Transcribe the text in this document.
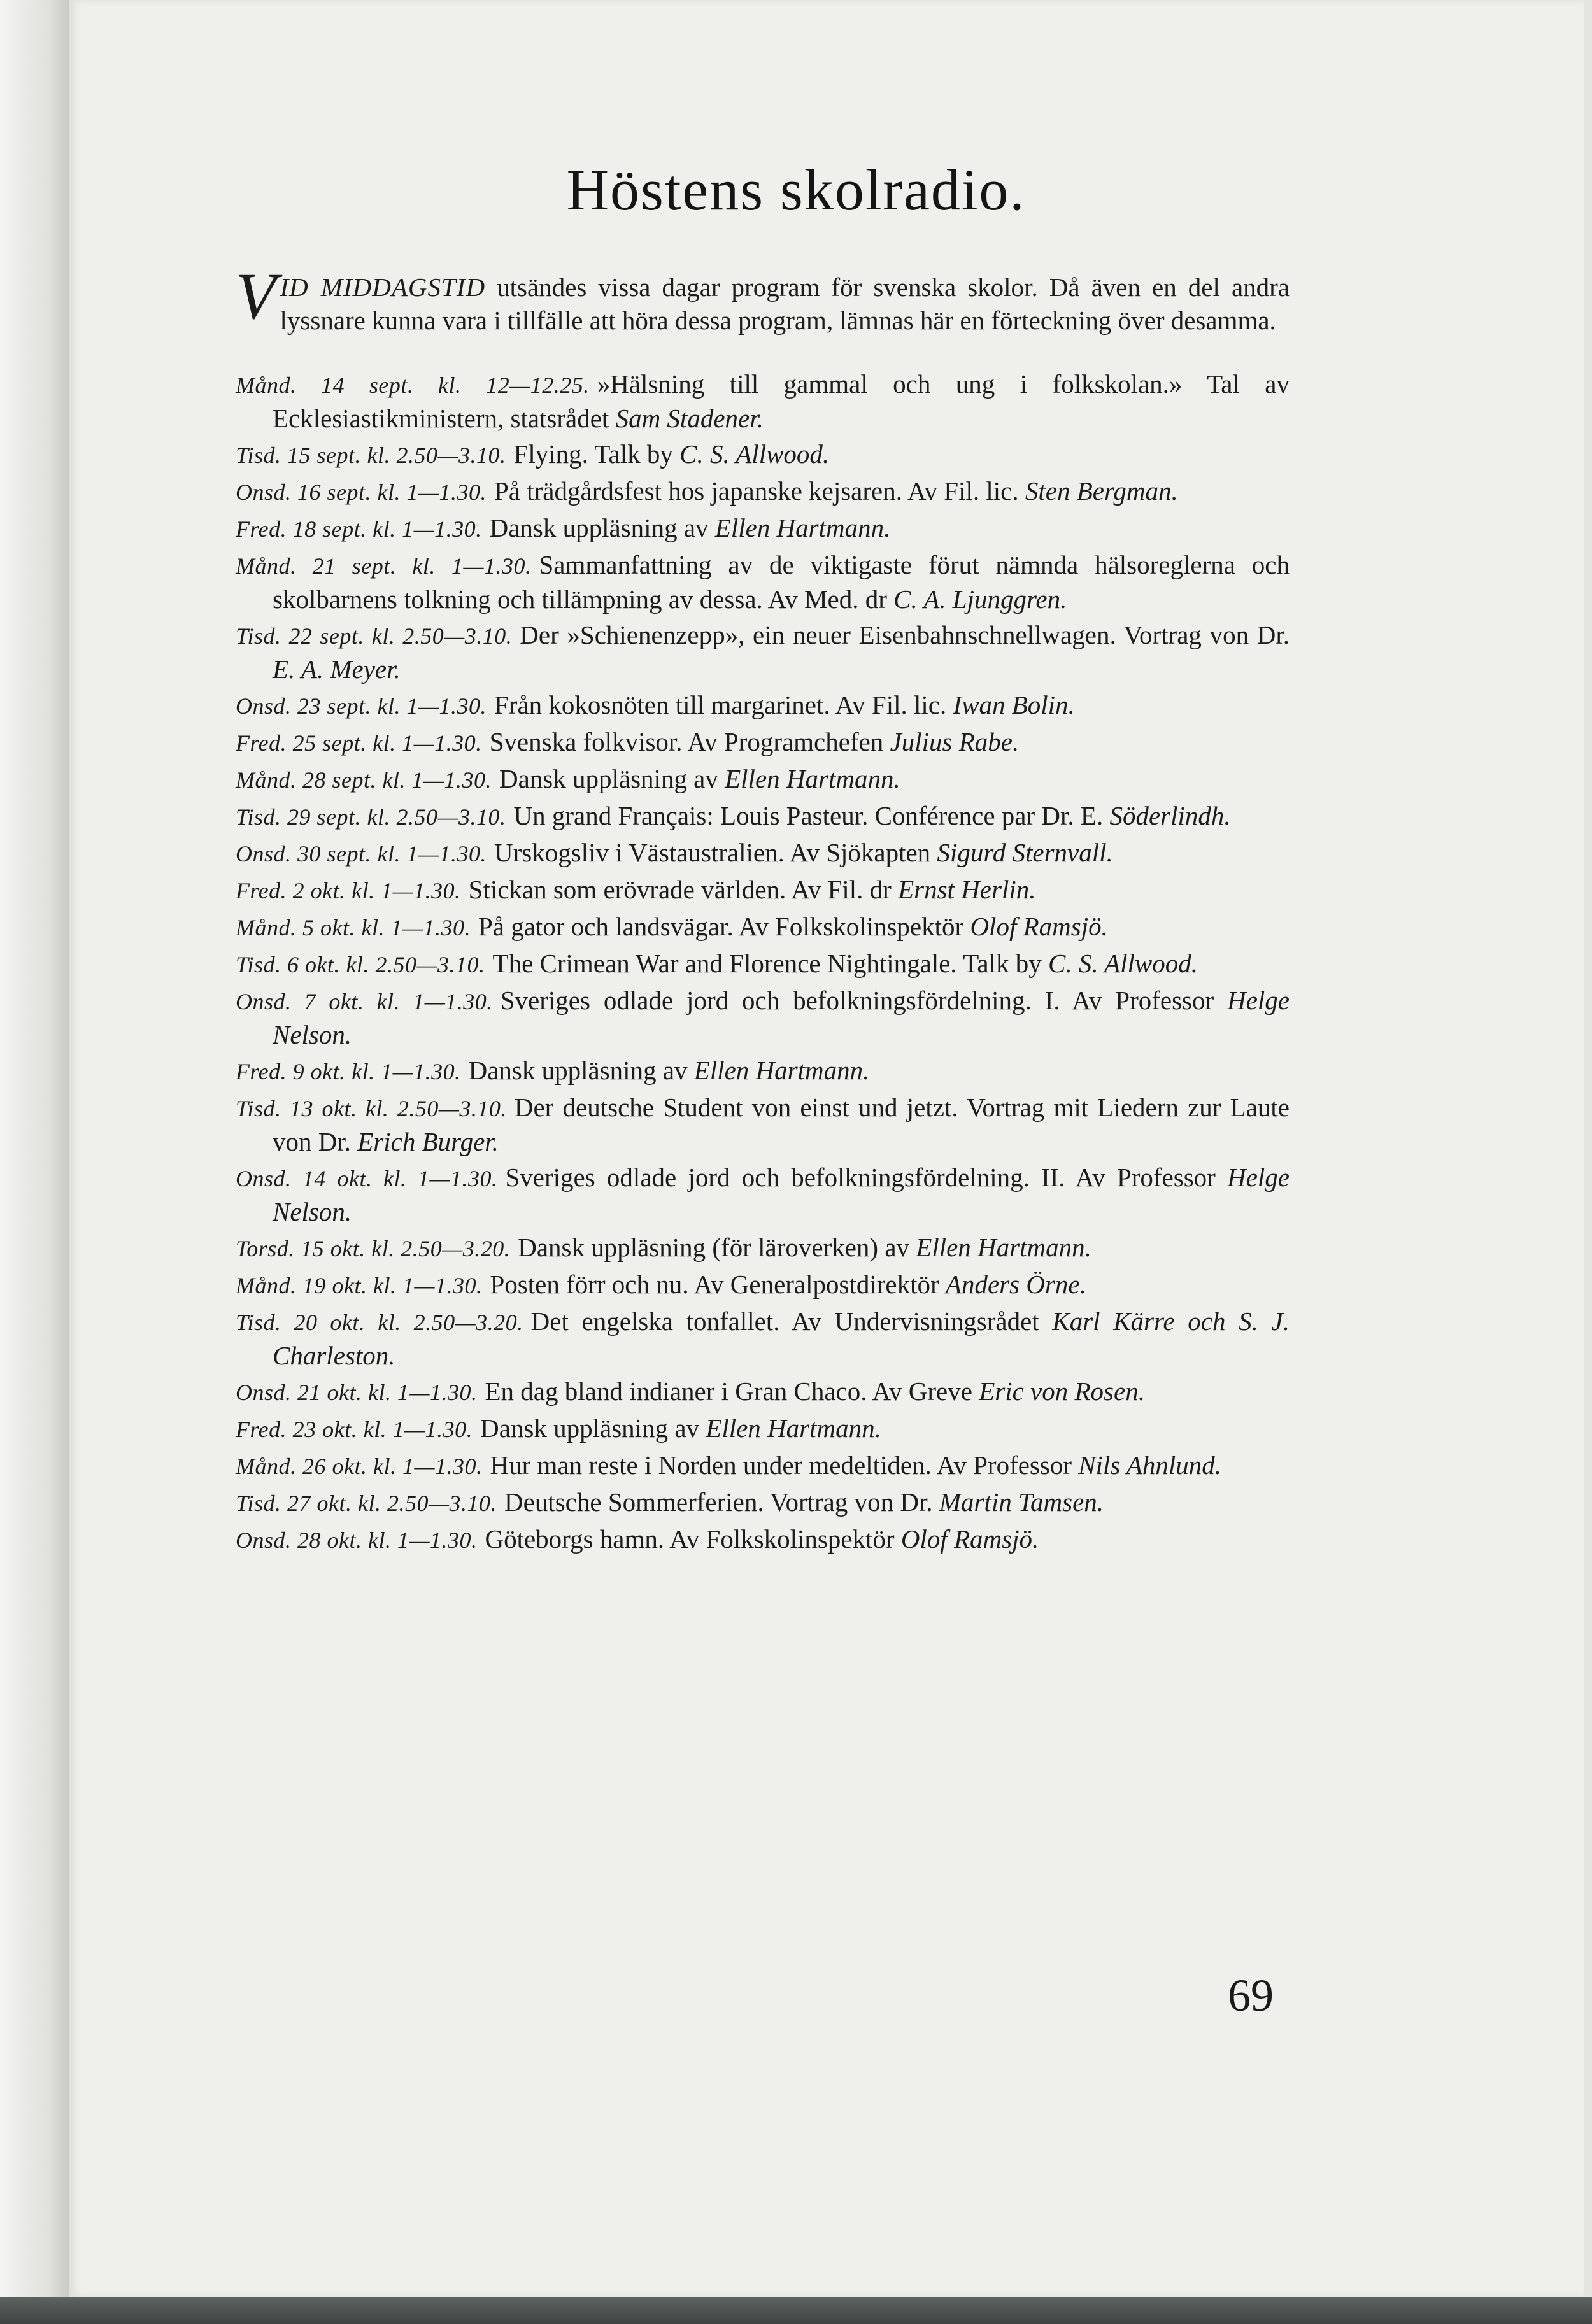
Höstens skolradio.

VID MIDDAGSTID utsändes vissa dagar program för svenska skolor. Då även en del andra lyssnare kunna vara i tillfälle att höra dessa program, lämnas här en förteckning över desamma.

Månd. 14 sept. kl. 12—12.25. »Hälsning till gammal och ung i folkskolan.» Tal av Ecklesiastikministern, statsrådet Sam Stadener.
Tisd. 15 sept. kl. 2.50—3.10. Flying. Talk by C. S. Allwood.
Onsd. 16 sept. kl. 1—1.30. På trädgårdsfest hos japanske kejsaren. Av Fil. lic. Sten Bergman.
Fred. 18 sept. kl. 1—1.30. Dansk uppläsning av Ellen Hartmann.
Månd. 21 sept. kl. 1—1.30. Sammanfattning av de viktigaste förut nämnda hälsoreglerna och skolbarnens tolkning och tillämpning av dessa. Av Med. dr C. A. Ljunggren.
Tisd. 22 sept. kl. 2.50—3.10. Der »Schienenzepp», ein neuer Eisenbahnschnellwagen. Vortrag von Dr. E. A. Meyer.
Onsd. 23 sept. kl. 1—1.30. Från kokosnöten till margarinet. Av Fil. lic. Iwan Bolin.
Fred. 25 sept. kl. 1—1.30. Svenska folkvisor. Av Programchefen Julius Rabe.
Månd. 28 sept. kl. 1—1.30. Dansk uppläsning av Ellen Hartmann.
Tisd. 29 sept. kl. 2.50—3.10. Un grand Français: Louis Pasteur. Conférence par Dr. E. Söderlindh.
Onsd. 30 sept. kl. 1—1.30. Urskogsliv i Västaustralien. Av Sjökapten Sigurd Sternvall.
Fred. 2 okt. kl. 1—1.30. Stickan som erövrade världen. Av Fil. dr Ernst Herlin.
Månd. 5 okt. kl. 1—1.30. På gator och landsvägar. Av Folkskolinspektör Olof Ramsjö.
Tisd. 6 okt. kl. 2.50—3.10. The Crimean War and Florence Nightingale. Talk by C. S. Allwood.
Onsd. 7 okt. kl. 1—1.30. Sveriges odlade jord och befolkningsfördelning. I. Av Professor Helge Nelson.
Fred. 9 okt. kl. 1—1.30. Dansk uppläsning av Ellen Hartmann.
Tisd. 13 okt. kl. 2.50—3.10. Der deutsche Student von einst und jetzt. Vortrag mit Liedern zur Laute von Dr. Erich Burger.
Onsd. 14 okt. kl. 1—1.30. Sveriges odlade jord och befolkningsfördelning. II. Av Professor Helge Nelson.
Torsd. 15 okt. kl. 2.50—3.20. Dansk uppläsning (för läroverken) av Ellen Hartmann.
Månd. 19 okt. kl. 1—1.30. Posten förr och nu. Av Generalpostdirektör Anders Örne.
Tisd. 20 okt. kl. 2.50—3.20. Det engelska tonfallet. Av Undervisningsrådet Karl Kärre och S. J. Charleston.
Onsd. 21 okt. kl. 1—1.30. En dag bland indianer i Gran Chaco. Av Greve Eric von Rosen.
Fred. 23 okt. kl. 1—1.30. Dansk uppläsning av Ellen Hartmann.
Månd. 26 okt. kl. 1—1.30. Hur man reste i Norden under medeltiden. Av Professor Nils Ahnlund.
Tisd. 27 okt. kl. 2.50—3.10. Deutsche Sommerferien. Vortrag von Dr. Martin Tamsen.
Onsd. 28 okt. kl. 1—1.30. Göteborgs hamn. Av Folkskolinspektör Olof Ramsjö.
69
